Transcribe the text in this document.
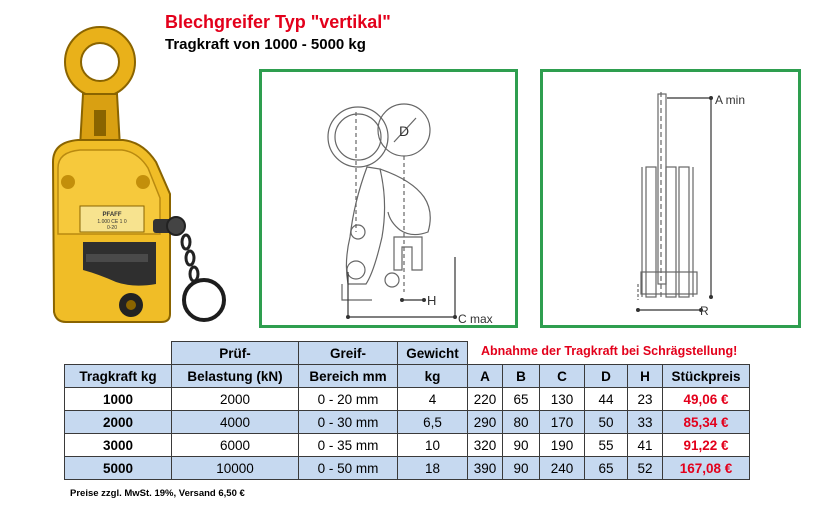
Blechgreifer Typ "vertikal"
Tragkraft von 1000 - 5000 kg
PFAFF
1.000 CE 1 0
0-20
D
H
C max
A min
R
Abnahme der Tragkraft bei Schrägstellung!
	Prüf-	Greif-	Gewicht						
Tragkraft kg	Belastung (kN)	Bereich mm	kg	A	B	C	D	H	Stückpreis
1000	2000	0 - 20 mm	4	220	65	130	44	23	49,06 €
2000	4000	0 - 30 mm	6,5	290	80	170	50	33	85,34 €
3000	6000	0 - 35 mm	10	320	90	190	55	41	91,22 €
5000	10000	0 - 50 mm	18	390	90	240	65	52	167,08 €
Preise zzgl. MwSt. 19%, Versand 6,50 €
